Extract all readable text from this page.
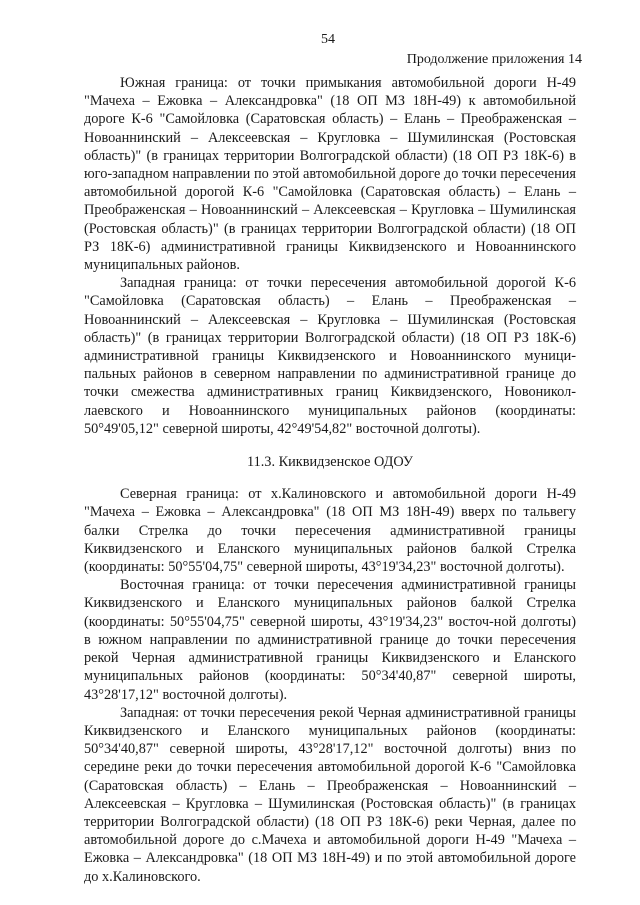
54
Продолжение приложения 14

Южная граница: от точки примыкания автомобильной дороги Н-49 "Мачеха – Ежовка – Александровка" (18 ОП МЗ 18Н-49) к автомобильной дороге К-6 "Самойловка (Саратовская область) – Елань – Преображенская – Новоаннинский – Алексеевская – Кругловка – Шумилинская (Ростовская область)" (в границах территории Волгоградской области) (18 ОП РЗ 18К-6) в юго-западном направлении по этой автомобильной дороге до точки пересечения автомобильной дорогой К-6 "Самойловка (Саратовская область) – Елань – Преображенская – Новоаннинский – Алексеевская – Кругловка – Шумилинская (Ростовская область)" (в границах территории Волгоградской области) (18 ОП РЗ 18К-6) административной границы Киквидзенского и Новоаннинского муниципальных районов.

Западная граница: от точки пересечения автомобильной дорогой К-6 "Самойловка (Саратовская область) – Елань – Преображенская – Новоаннинский – Алексеевская – Кругловка – Шумилинская (Ростовская область)" (в границах территории Волгоградской области) (18 ОП РЗ 18К-6) административной границы Киквидзенского и Новоаннинского муници-пальных районов в северном направлении по административной границе до точки смежества административных границ Киквидзенского, Новоникол-лаевского и Новоаннинского муниципальных районов (координаты: 50°49'05,12" северной широты, 42°49'54,82" восточной долготы).

11.3. Киквидзенское ОДОУ

Северная граница: от х.Калиновского и автомобильной дороги Н-49 "Мачеха – Ежовка – Александровка" (18 ОП МЗ 18Н-49) вверх по тальвегу балки Стрелка до точки пересечения административной границы Киквидзенского и Еланского муниципальных районов балкой Стрелка (координаты: 50°55'04,75" северной широты, 43°19'34,23" восточной долготы).

Восточная граница: от точки пересечения административной границы Киквидзенского и Еланского муниципальных районов балкой Стрелка (координаты: 50°55'04,75" северной широты, 43°19'34,23" восточ-ной долготы) в южном направлении по административной границе до точки пересечения рекой Черная административной границы Киквидзенского и Еланского муниципальных районов (координаты: 50°34'40,87" северной широты, 43°28'17,12" восточной долготы).

Западная: от точки пересечения рекой Черная административной границы Киквидзенского и Еланского муниципальных районов (координаты: 50°34'40,87" северной широты, 43°28'17,12" восточной долготы) вниз по середине реки до точки пересечения автомобильной дорогой К-6 "Самойловка (Саратовская область) – Елань – Преображенская – Новоаннинский – Алексеевская – Кругловка – Шумилинская (Ростовская область)" (в границах территории Волгоградской области) (18 ОП РЗ 18К-6) реки Черная, далее по автомобильной дороге до с.Мачеха и автомобильной дороги Н-49 "Мачеха – Ежовка – Александровка" (18 ОП МЗ 18Н-49) и по этой автомобильной дороге до х.Калиновского.
